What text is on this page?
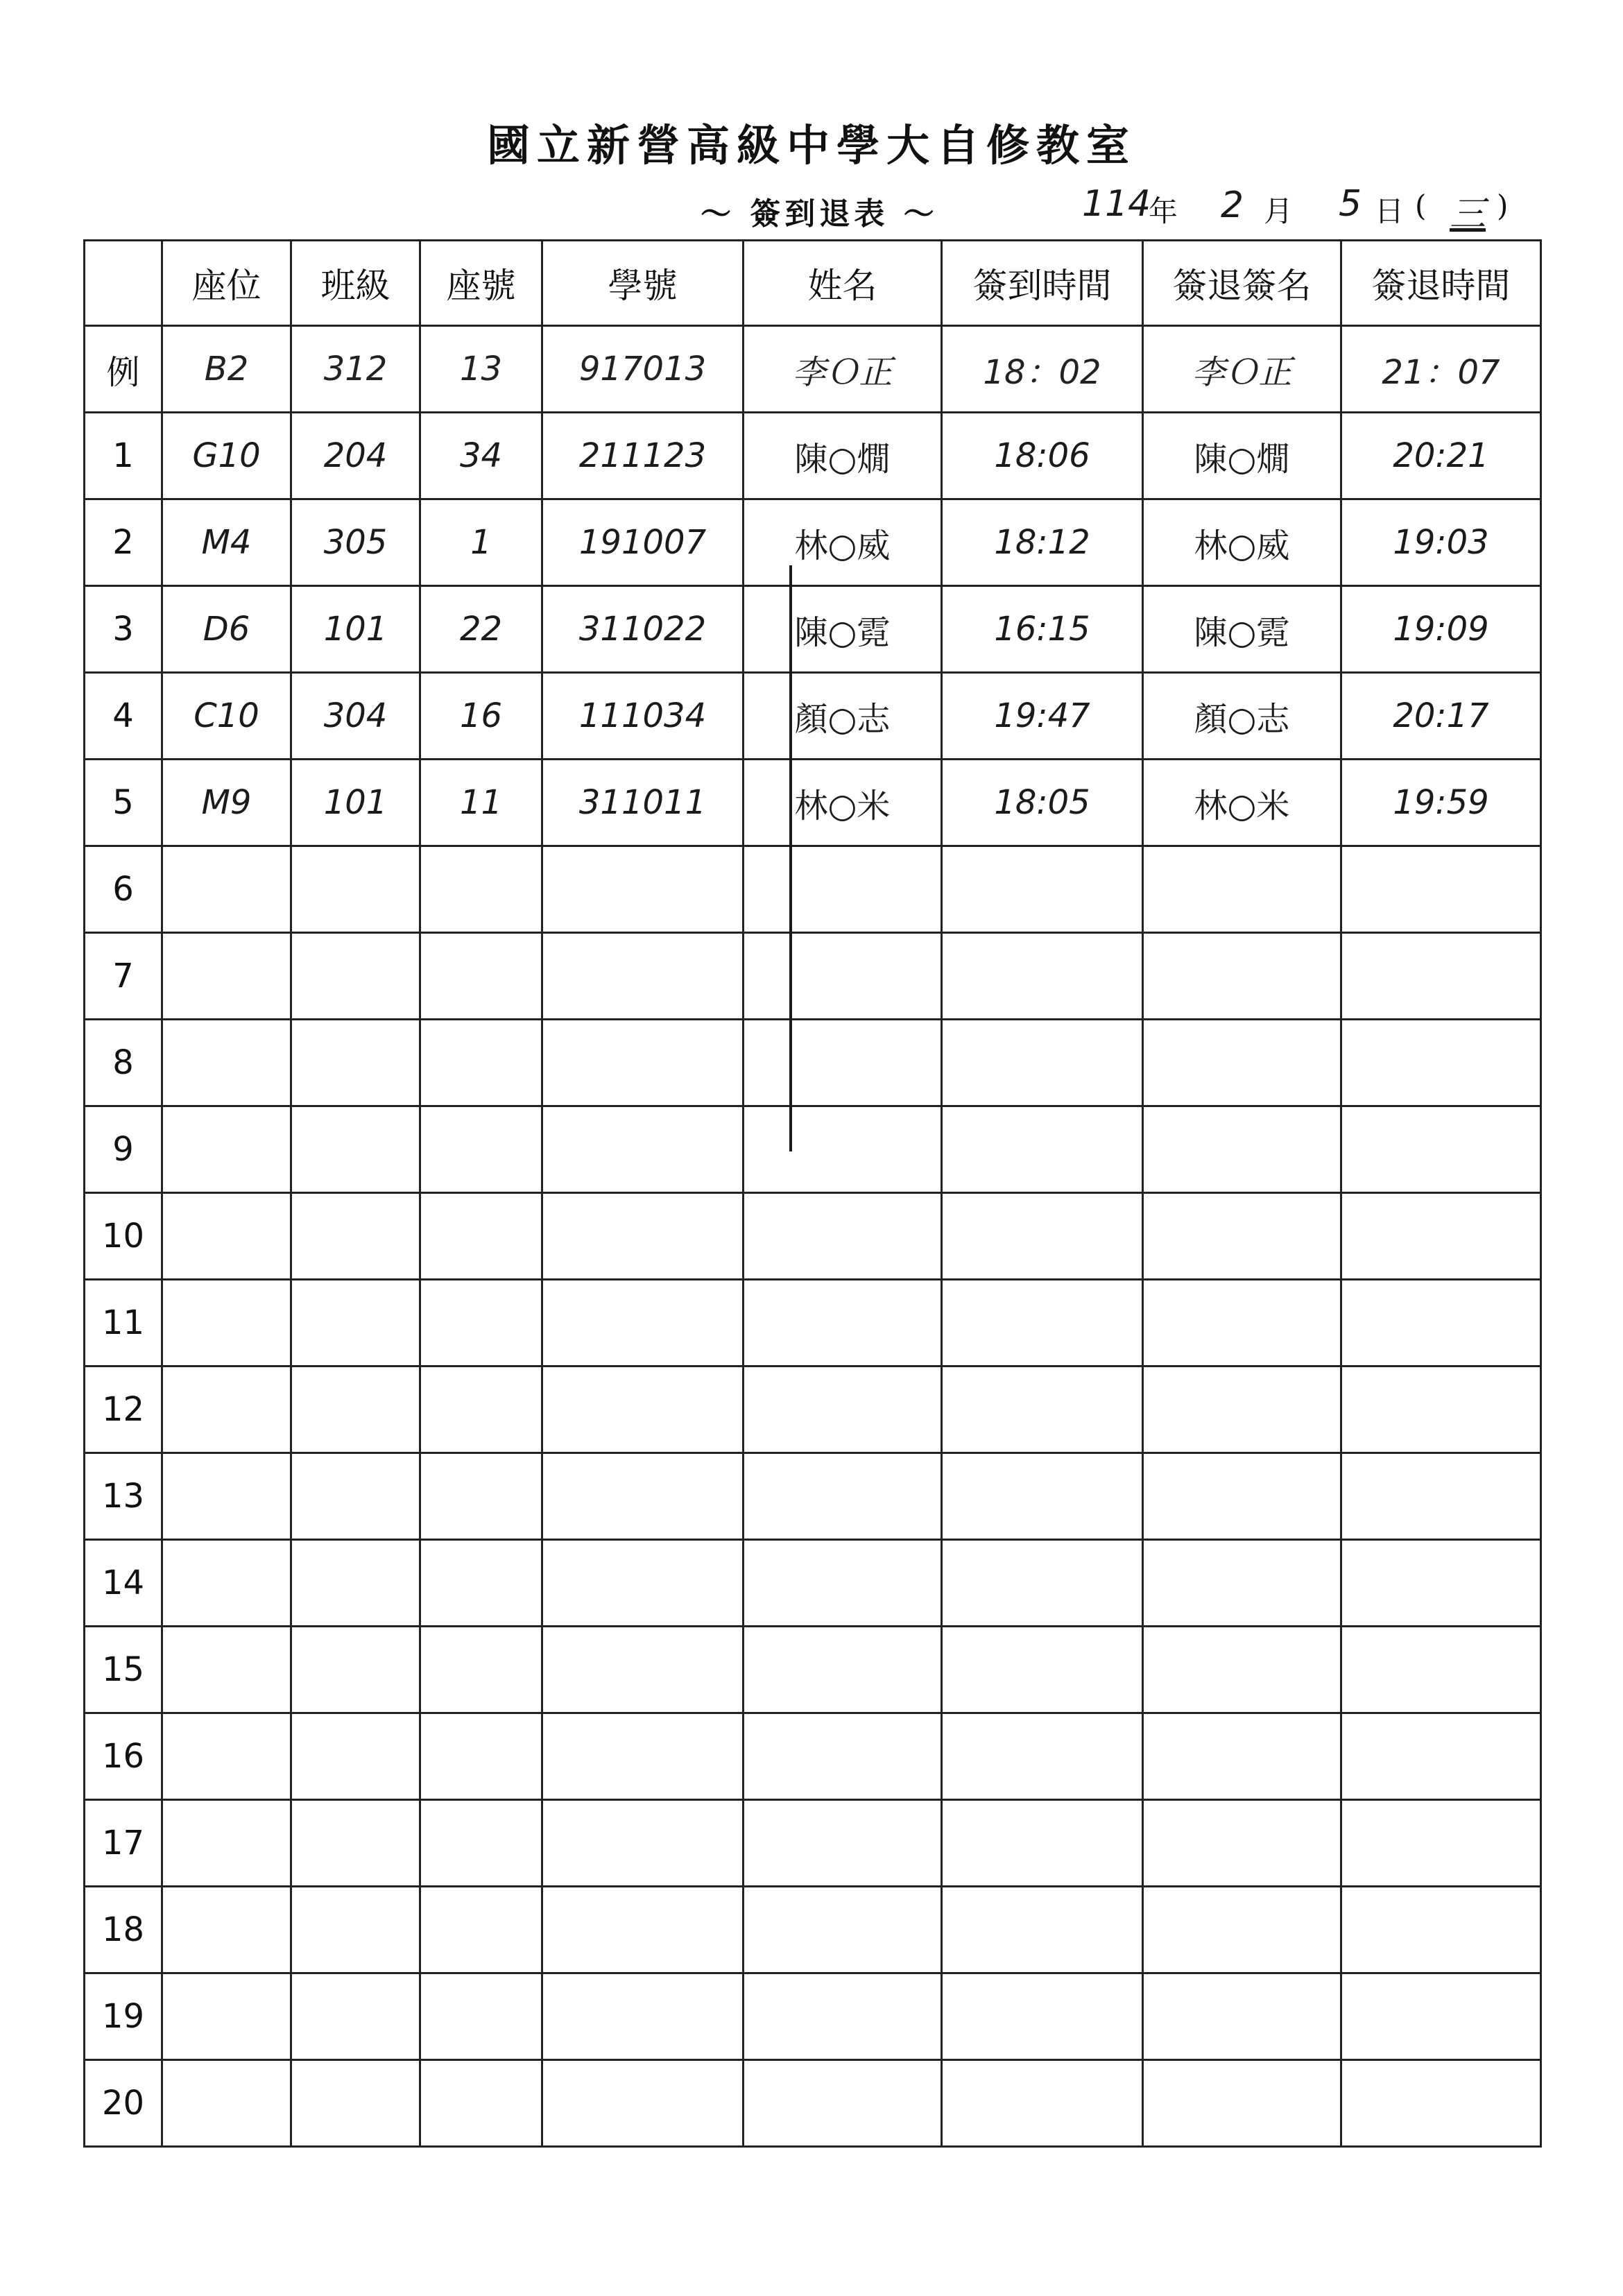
國立新營高級中學大自修教室
～ 簽到退表 ～	114
年 2 月 5 日 ( 三 )
	座位	班級	座號	學號	姓名	簽到時間	簽退簽名	簽退時間
例	B2	312	13	917013	李Ｏ正	18：02	李Ｏ正	21：07
1	G10	204	34	211123	陳○燗	18:06	陳○燗	20:21
2	M4	305	1	191007	林○威	18:12	林○威	19:03
3	D6	101	22	311022	陳○霓	16:15	陳○霓	19:09
4	C10	304	16	111034	顏○志	19:47	顏○志	20:17
5	M9	101	11	311011	林○米	18:05	林○米	19:59
6								
7								
8								
9								
10								
11								
12								
13								
14								
15								
16								
17								
18								
19								
20								
